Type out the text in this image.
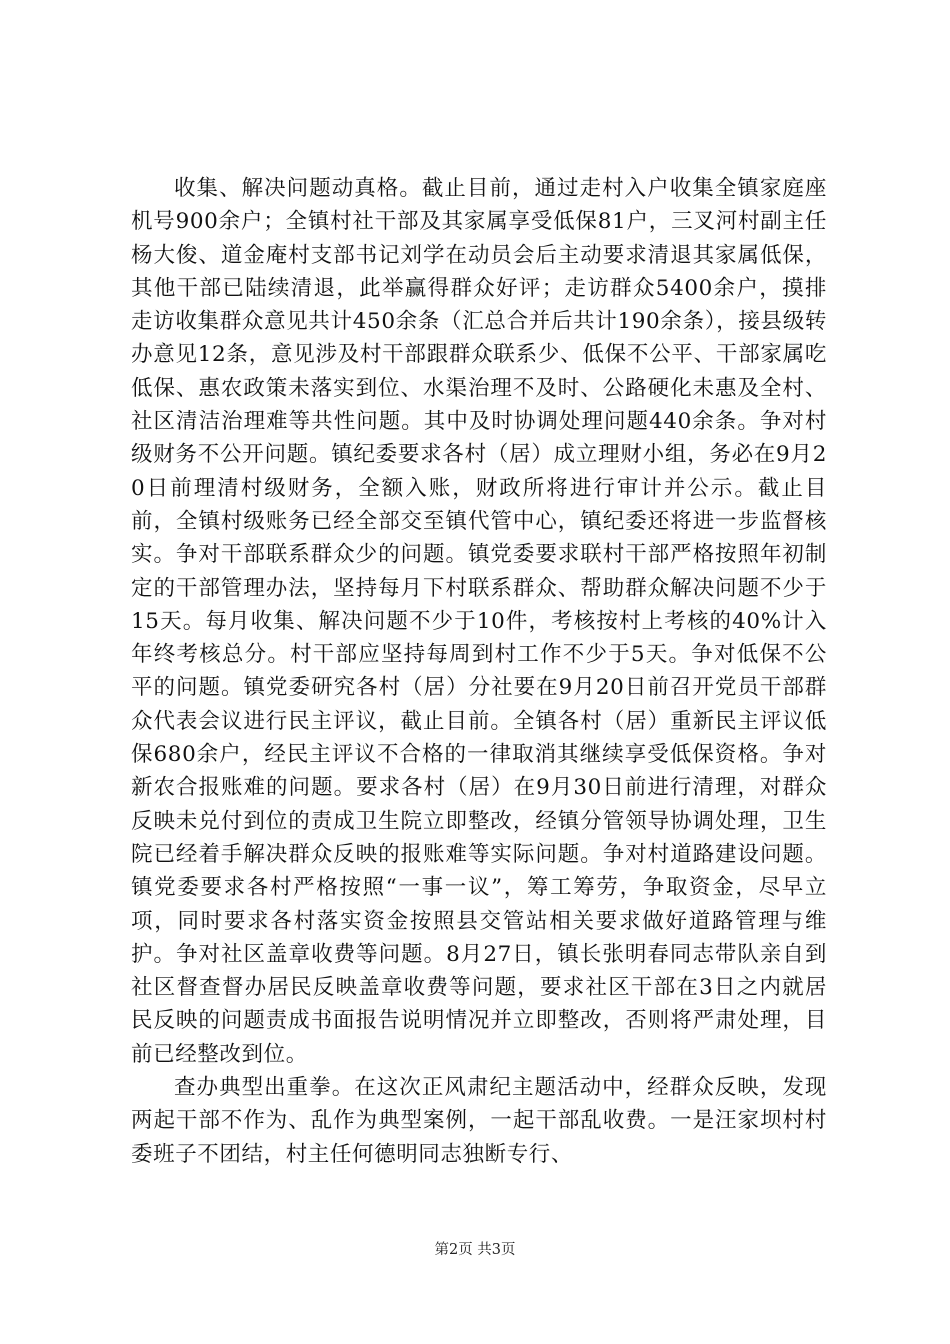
收集、解决问题动真格。截止目前，通过走村入户收集全镇家庭座机号900余户；全镇村社干部及其家属享受低保81户，三叉河村副主任杨大俊、道金庵村支部书记刘学在动员会后主动要求清退其家属低保，其他干部已陆续清退，此举赢得群众好评；走访群众5400余户，摸排走访收集群众意见共计450余条（汇总合并后共计190余条），接县级转办意见12条，意见涉及村干部跟群众联系少、低保不公平、干部家属吃低保、惠农政策未落实到位、水渠治理不及时、公路硬化未惠及全村、社区清洁治理难等共性问题。其中及时协调处理问题440余条。争对村级财务不公开问题。镇纪委要求各村（居）成立理财小组，务必在9月20日前理清村级财务，全额入账，财政所将进行审计并公示。截止目前，全镇村级账务已经全部交至镇代管中心，镇纪委还将进一步监督核实。争对干部联系群众少的问题。镇党委要求联村干部严格按照年初制定的干部管理办法，坚持每月下村联系群众、帮助群众解决问题不少于15天。每月收集、解决问题不少于10件，考核按村上考核的40%计入年终考核总分。村干部应坚持每周到村工作不少于5天。争对低保不公平的问题。镇党委研究各村（居）分社要在9月20日前召开党员干部群众代表会议进行民主评议，截止目前。全镇各村（居）重新民主评议低保680余户，经民主评议不合格的一律取消其继续享受低保资格。争对新农合报账难的问题。要求各村（居）在9月30日前进行清理，对群众反映未兑付到位的责成卫生院立即整改，经镇分管领导协调处理，卫生院已经着手解决群众反映的报账难等实际问题。争对村道路建设问题。镇党委要求各村严格按照“一事一议”，筹工筹劳，争取资金，尽早立项，同时要求各村落实资金按照县交管站相关要求做好道路管理与维护。争对社区盖章收费等问题。8月27日，镇长张明春同志带队亲自到社区督查督办居民反映盖章收费等问题，要求社区干部在3日之内就居民反映的问题责成书面报告说明情况并立即整改，否则将严肃处理，目前已经整改到位。

查办典型出重拳。在这次正风肃纪主题活动中，经群众反映，发现两起干部不作为、乱作为典型案例，一起干部乱收费。一是汪家坝村村委班子不团结，村主任何德明同志独断专行、

第2页 共3页
